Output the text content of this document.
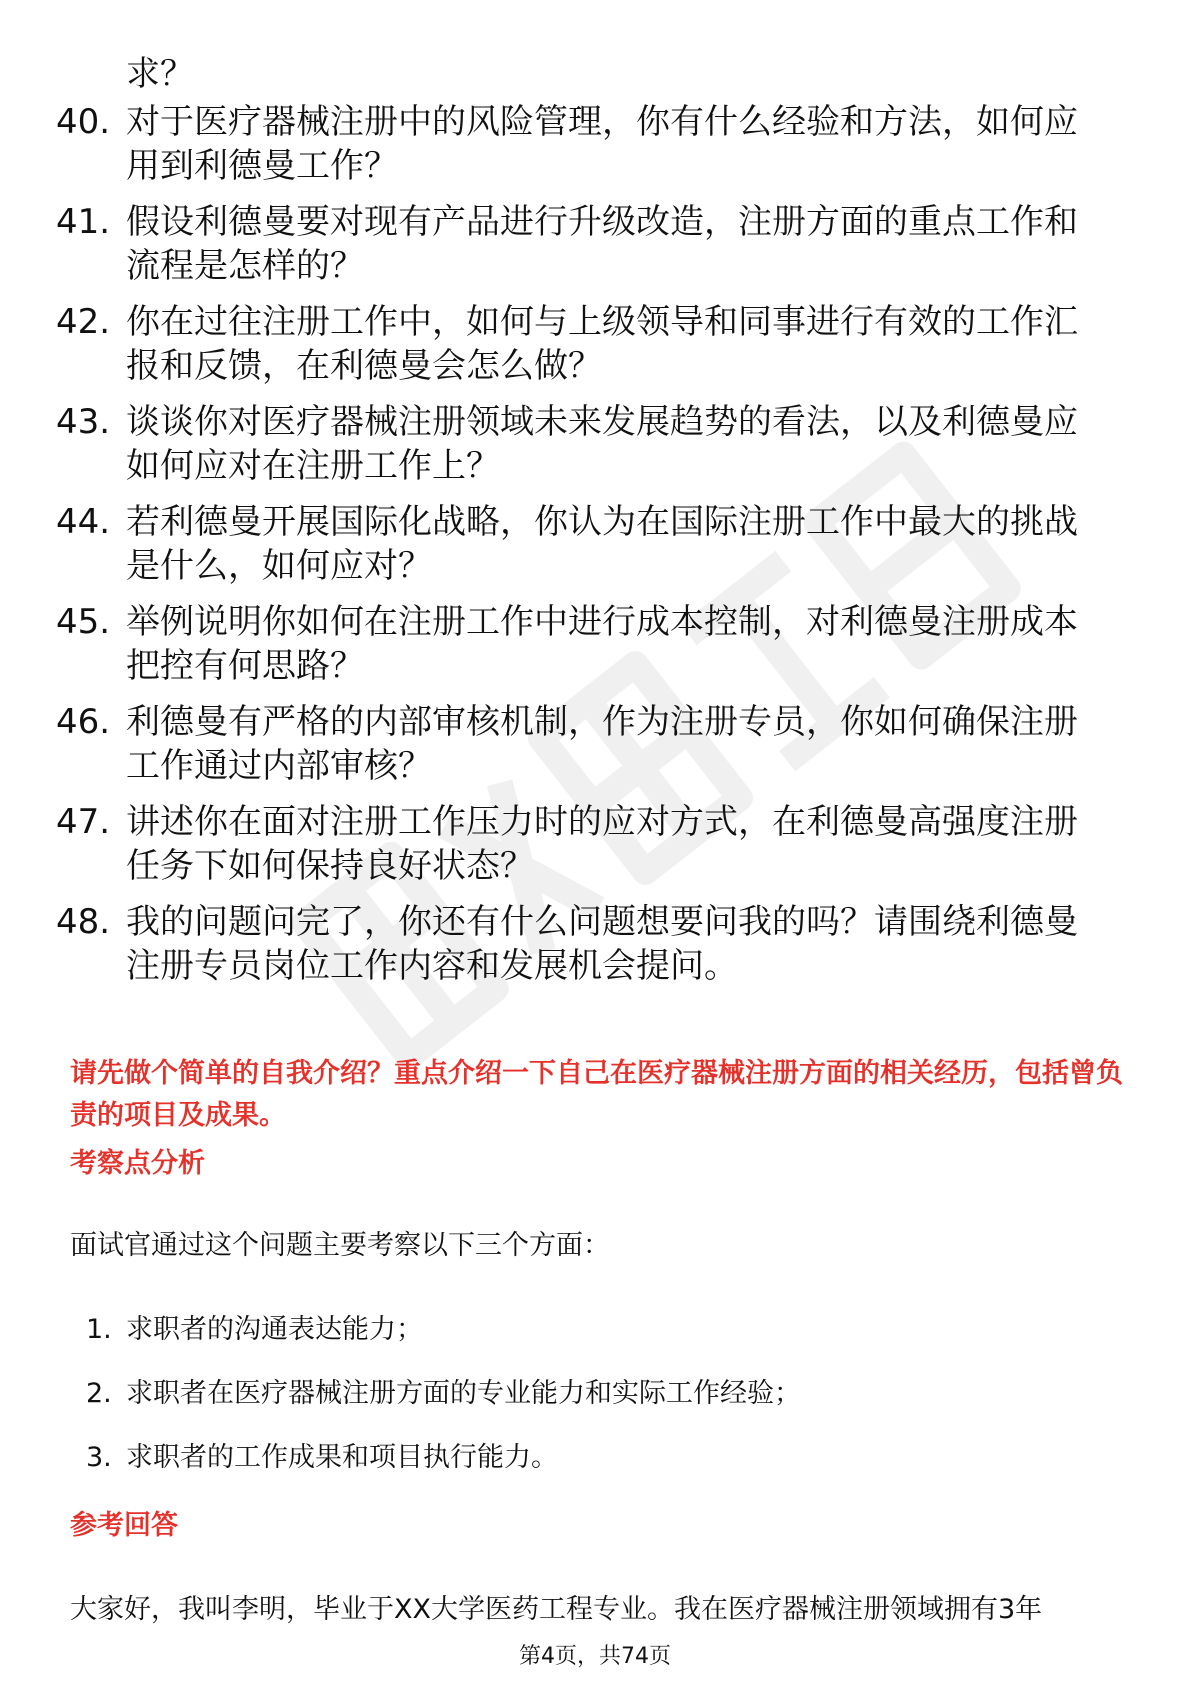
求？
40. 对于医疗器械注册中的风险管理，你有什么经验和方法，如何应用到利德曼工作？
41. 假设利德曼要对现有产品进行升级改造，注册方面的重点工作和流程是怎样的？
42. 你在过往注册工作中，如何与上级领导和同事进行有效的工作汇报和反馈，在利德曼会怎么做？
43. 谈谈你对医疗器械注册领域未来发展趋势的看法，以及利德曼应如何应对在注册工作上？
44. 若利德曼开展国际化战略，你认为在国际注册工作中最大的挑战是什么，如何应对？
45. 举例说明你如何在注册工作中进行成本控制，对利德曼注册成本把控有何思路？
46. 利德曼有严格的内部审核机制，作为注册专员，你如何确保注册工作通过内部审核？
47. 讲述你在面对注册工作压力时的应对方式，在利德曼高强度注册任务下如何保持良好状态？
48. 我的问题问完了，你还有什么问题想要问我的吗？请围绕利德曼注册专员岗位工作内容和发展机会提问。
请先做个简单的自我介绍？重点介绍一下自己在医疗器械注册方面的相关经历，包括曾负责的项目及成果。
考察点分析
面试官通过这个问题主要考察以下三个方面：
1. 求职者的沟通表达能力；
2. 求职者在医疗器械注册方面的专业能力和实际工作经验；
3. 求职者的工作成果和项目执行能力。
参考回答
大家好，我叫李明，毕业于XX大学医药工程专业。我在医疗器械注册领域拥有3年
第4页，共74页
